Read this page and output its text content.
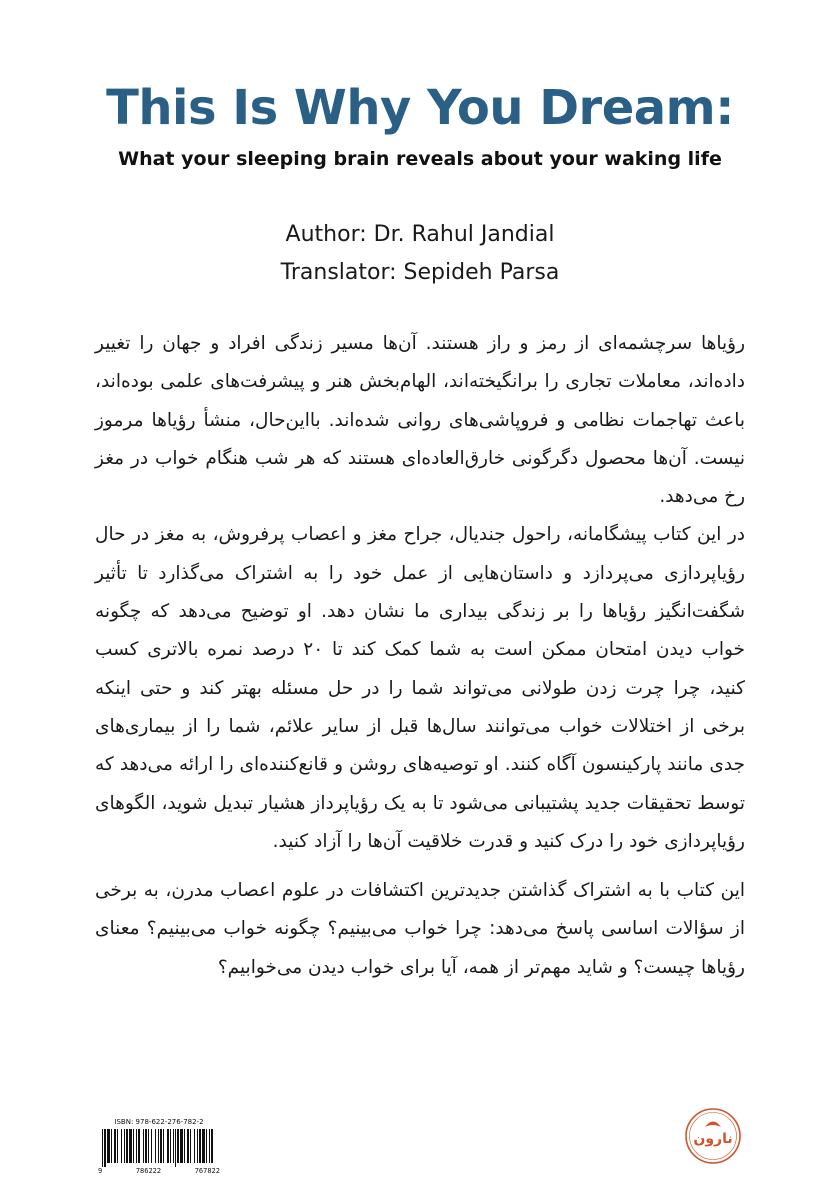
This Is Why You Dream:
What your sleeping brain reveals about your waking life
Author: Dr. Rahul Jandial
Translator: Sepideh Parsa

رؤیاها سرچشمه‌ای از رمز و راز هستند. آن‌ها مسیر زندگی افراد و جهان را تغییر داده‌اند، معاملات تجاری را برانگیخته‌اند، الهام‌بخش هنر و پیشرفت‌های علمی بوده‌اند، باعث تهاجمات نظامی و فروپاشی‌های روانی شده‌اند. بااین‌حال، منشأ رؤیاها مرموز نیست. آن‌ها محصول دگرگونی خارق‌العاده‌ای هستند که هر شب هنگام خواب در مغز رخ می‌دهد.

در این کتاب پیشگامانه، راحول جندیال، جراح مغز و اعصاب پرفروش، به مغز در حال رؤیاپردازی می‌پردازد و داستان‌هایی از عمل خود را به اشتراک می‌گذارد تا تأثیر شگفت‌انگیز رؤیاها را بر زندگی بیداری ما نشان دهد. او توضیح می‌دهد که چگونه خواب دیدن امتحان ممکن است به شما کمک کند تا ۲۰ درصد نمره بالاتری کسب کنید، چرا چرت زدن طولانی می‌تواند شما را در حل مسئله بهتر کند و حتی اینکه برخی از اختلالات خواب می‌توانند سال‌ها قبل از سایر علائم، شما را از بیماری‌های جدی مانند پارکینسون آگاه کنند. او توصیه‌های روشن و قانع‌کننده‌ای را ارائه می‌دهد که توسط تحقیقات جدید پشتیبانی می‌شود تا به یک رؤیاپرداز هشیار تبدیل شوید، الگوهای رؤیاپردازی خود را درک کنید و قدرت خلاقیت آن‌ها را آزاد کنید.

این کتاب با به اشتراک گذاشتن جدیدترین اکتشافات در علوم اعصاب مدرن، به برخی از سؤالات اساسی پاسخ می‌دهد: چرا خواب می‌بینیم؟ چگونه خواب می‌بینیم؟ معنای رؤیاها چیست؟ و شاید مهم‌تر از همه، آیا برای خواب دیدن می‌خوابیم؟

ISBN: 978-622-276-782-2
9	786222	767822
نارون
